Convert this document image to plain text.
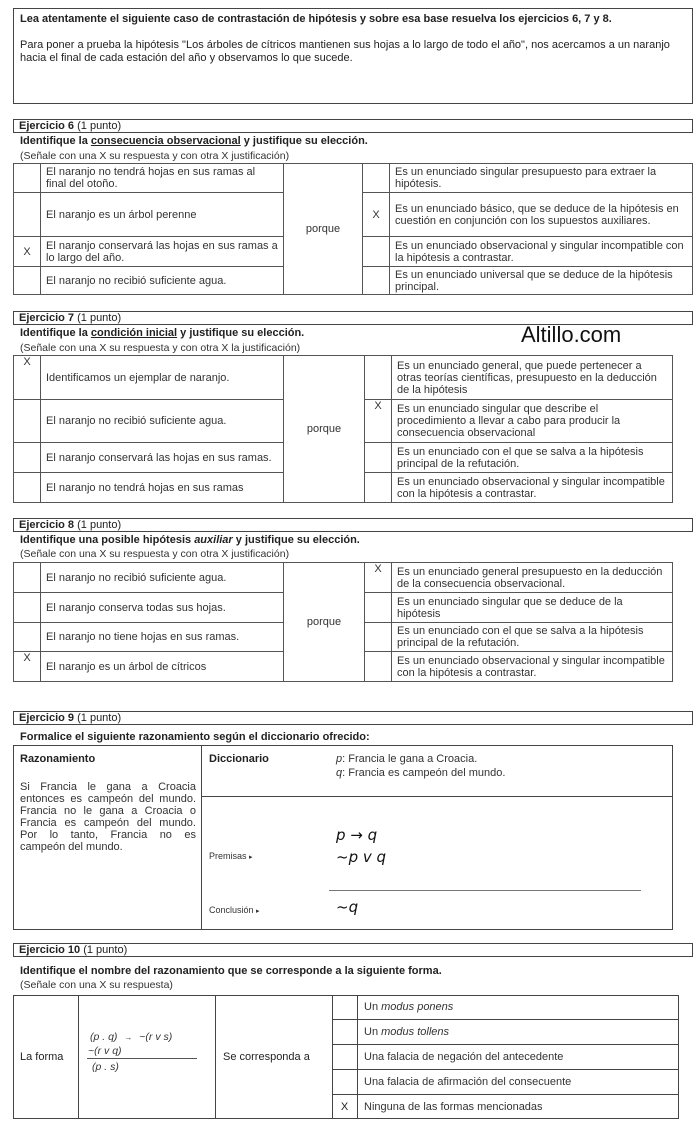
Lea atentamente el siguiente caso de contrastación de hipótesis y sobre esa base resuelva los ejercicios 6, 7 y 8.

Para poner a prueba la hipótesis "Los árboles de cítricos mantienen sus hojas a lo largo de todo el año", nos acercamos a un naranjo hacia el final de cada estación del año y observamos lo que sucede.

Ejercicio 6 (1 punto)
Identifique la consecuencia observacional y justifique su elección.
(Señale con una X su respuesta y con otra X justificación)
	El naranjo no tendrá hojas en sus ramas al final del otoño.	porque		Es un enunciado singular presupuesto para extraer la hipótesis.
	El naranjo es un árbol perenne		X	Es un enunciado básico, que se deduce de la hipótesis en cuestión en conjunción con los supuestos auxiliares.
X	El naranjo conservará las hojas en sus ramas a lo largo del año.			Es un enunciado observacional y singular incompatible con la hipótesis a contrastar.
	El naranjo no recibió suficiente agua.			Es un enunciado universal que se deduce de la hipótesis principal.
Ejercicio 7 (1 punto)
Identifique la condición inicial y justifique su elección.
(Señale con una X su respuesta y con otra X la justificación)
Altillo.com
X	Identificamos un ejemplar de naranjo.	porque		Es un enunciado general, que puede pertenecer a otras teorías científicas, presupuesto en la deducción de la hipótesis
	El naranjo no recibió suficiente agua.		X	Es un enunciado singular que describe el procedimiento a llevar a cabo para producir la consecuencia observacional
	El naranjo conservará las hojas en sus ramas.			Es un enunciado con el que se salva a la hipótesis principal de la refutación.
	El naranjo no tendrá hojas en sus ramas			Es un enunciado observacional y singular incompatible con la hipótesis a contrastar.
Ejercicio 8 (1 punto)
Identifique una posible hipótesis auxiliar y justifique su elección.
(Señale con una X su respuesta y con otra X justificación)
	El naranjo no recibió suficiente agua.	porque	X	Es un enunciado general presupuesto en la deducción de la consecuencia observacional.
	El naranjo conserva todas sus hojas.			Es un enunciado singular que se deduce de la hipótesis
	El naranjo no tiene hojas en sus ramas.			Es un enunciado con el que se salva a la hipótesis principal de la refutación.
X	El naranjo es un árbol de cítricos			Es un enunciado observacional y singular incompatible con la hipótesis a contrastar.
Ejercicio 9 (1 punto)
Formalice el siguiente razonamiento según el diccionario ofrecido:
Razonamiento
Si Francia le gana a Croacia entonces es campeón del mundo. Francia no le gana a Croacia o Francia es campeón del mundo. Por lo tanto, Francia no es campeón del mundo.
Diccionario	p: Francia le gana a Croacia.
q: Francia es campeón del mundo.
Premisas ▸
p → q
~p v q
Conclusión ▸	~q
Ejercicio 10 (1 punto)
Identifique el nombre del razonamiento que se corresponde a la siguiente forma.
(Señale con una X su respuesta)
La forma
(p . q) → ~(r v s)
~(r v q)
(p . s)
Se corresponda a
Un modus ponens
Un modus tollens
Una falacia de negación del antecedente
Una falacia de afirmación del consecuente
X	Ninguna de las formas mencionadas
